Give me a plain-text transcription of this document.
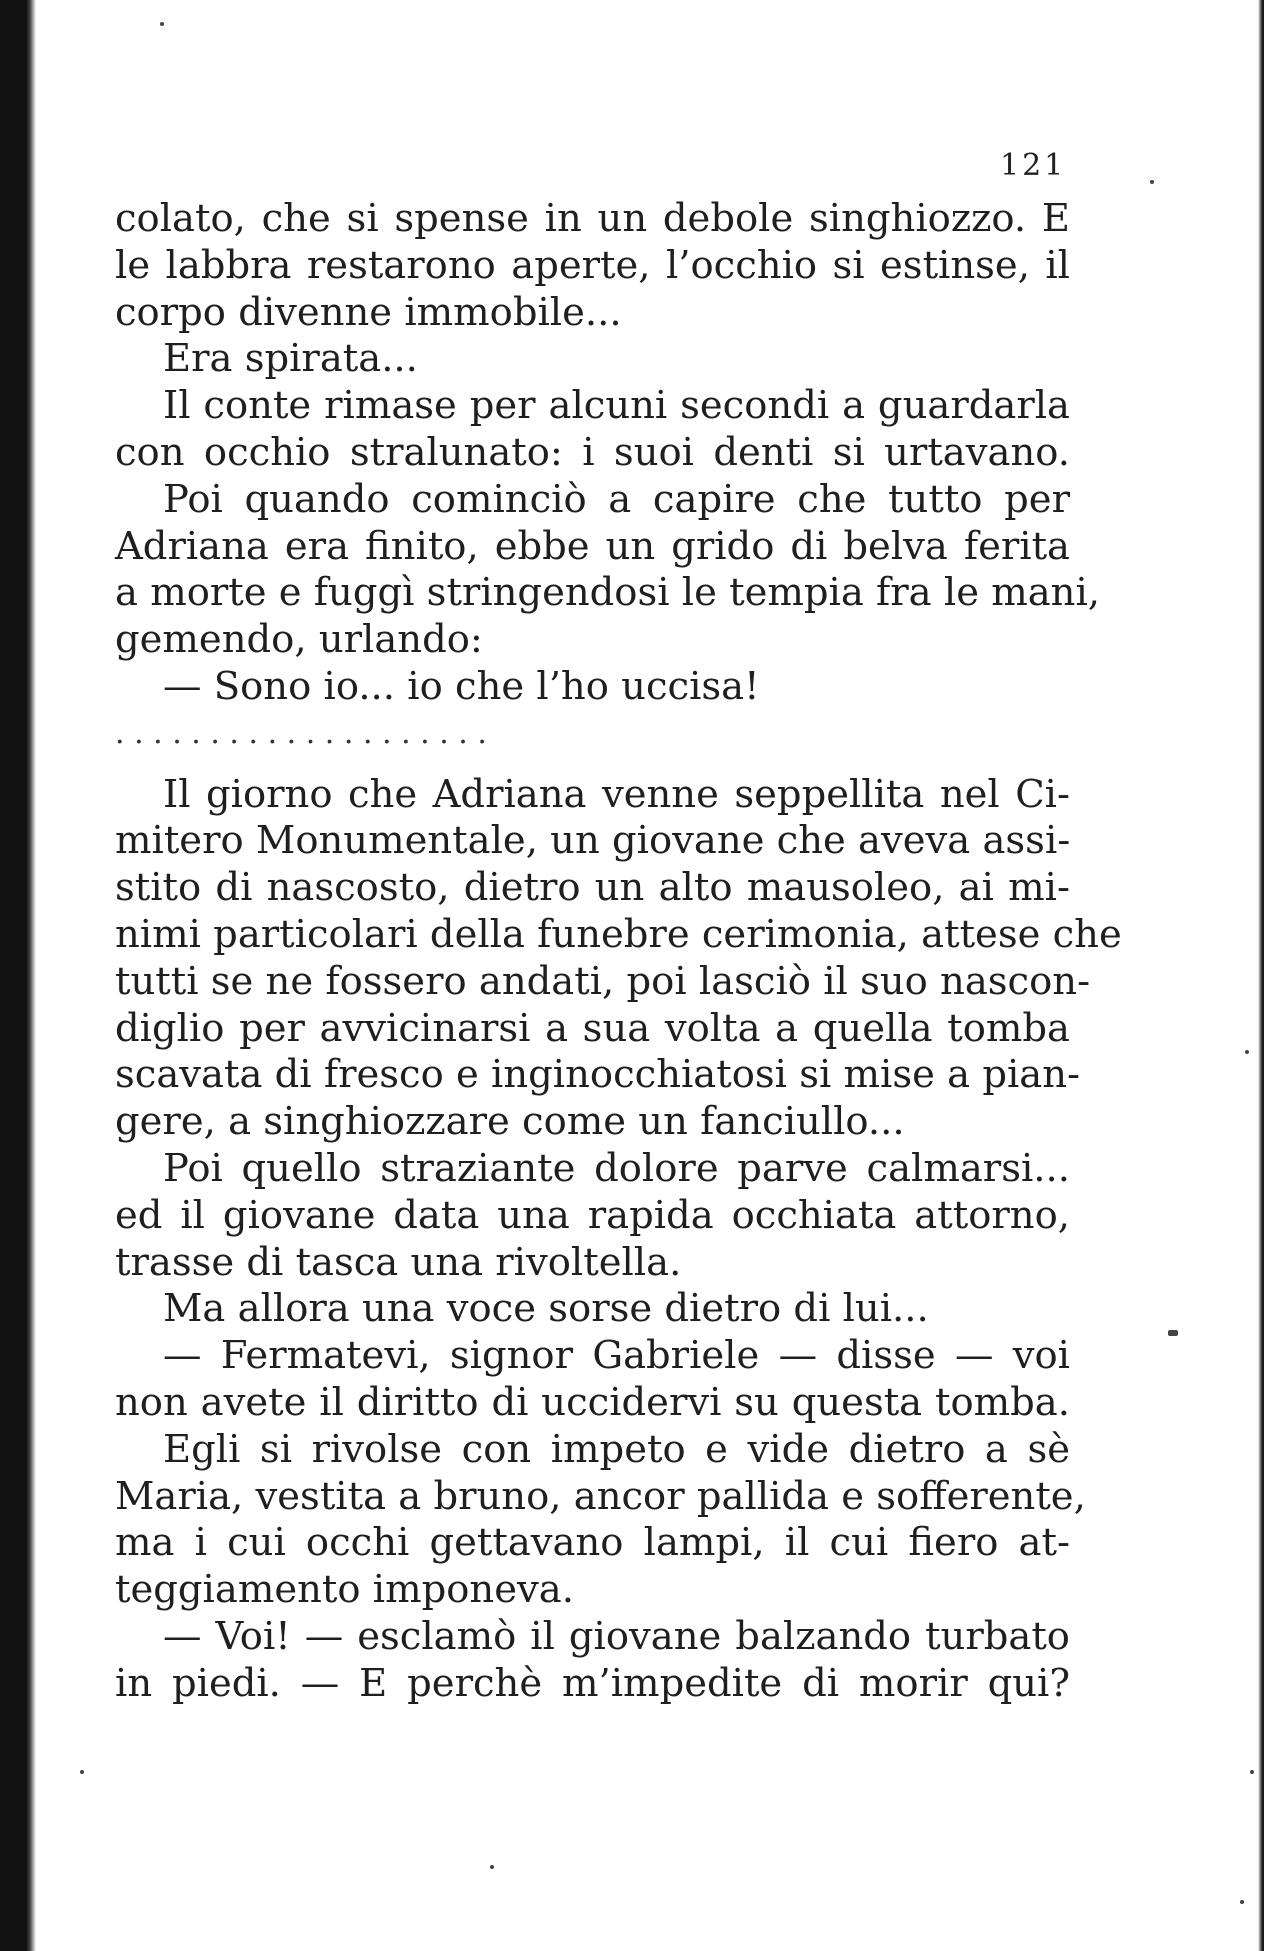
121
colato, che si spense in un debole singhiozzo. E
le labbra restarono aperte, l’occhio si estinse, il
corpo divenne immobile...
Era spirata...
Il conte rimase per alcuni secondi a guardarla
con occhio stralunato: i suoi denti si urtavano.
Poi quando cominciò a capire che tutto per
Adriana era finito, ebbe un grido di belva ferita
a morte e fuggì stringendosi le tempia fra le mani,
gemendo, urlando:
— Sono io... io che l’ho uccisa!
. . . . . . . . . . . . . . . . . . . .
Il giorno che Adriana venne seppellita nel Ci-
mitero Monumentale, un giovane che aveva assi-
stito di nascosto, dietro un alto mausoleo, ai mi-
nimi particolari della funebre cerimonia, attese che
tutti se ne fossero andati, poi lasciò il suo nascon-
diglio per avvicinarsi a sua volta a quella tomba
scavata di fresco e inginocchiatosi si mise a pian-
gere, a singhiozzare come un fanciullo...
Poi quello straziante dolore parve calmarsi...
ed il giovane data una rapida occhiata attorno,
trasse di tasca una rivoltella.
Ma allora una voce sorse dietro di lui...
— Fermatevi, signor Gabriele — disse — voi
non avete il diritto di uccidervi su questa tomba.
Egli si rivolse con impeto e vide dietro a sè
Maria, vestita a bruno, ancor pallida e sofferente,
ma i cui occhi gettavano lampi, il cui fiero at-
teggiamento imponeva.
— Voi! — esclamò il giovane balzando turbato
in piedi. — E perchè m’impedite di morir qui?
